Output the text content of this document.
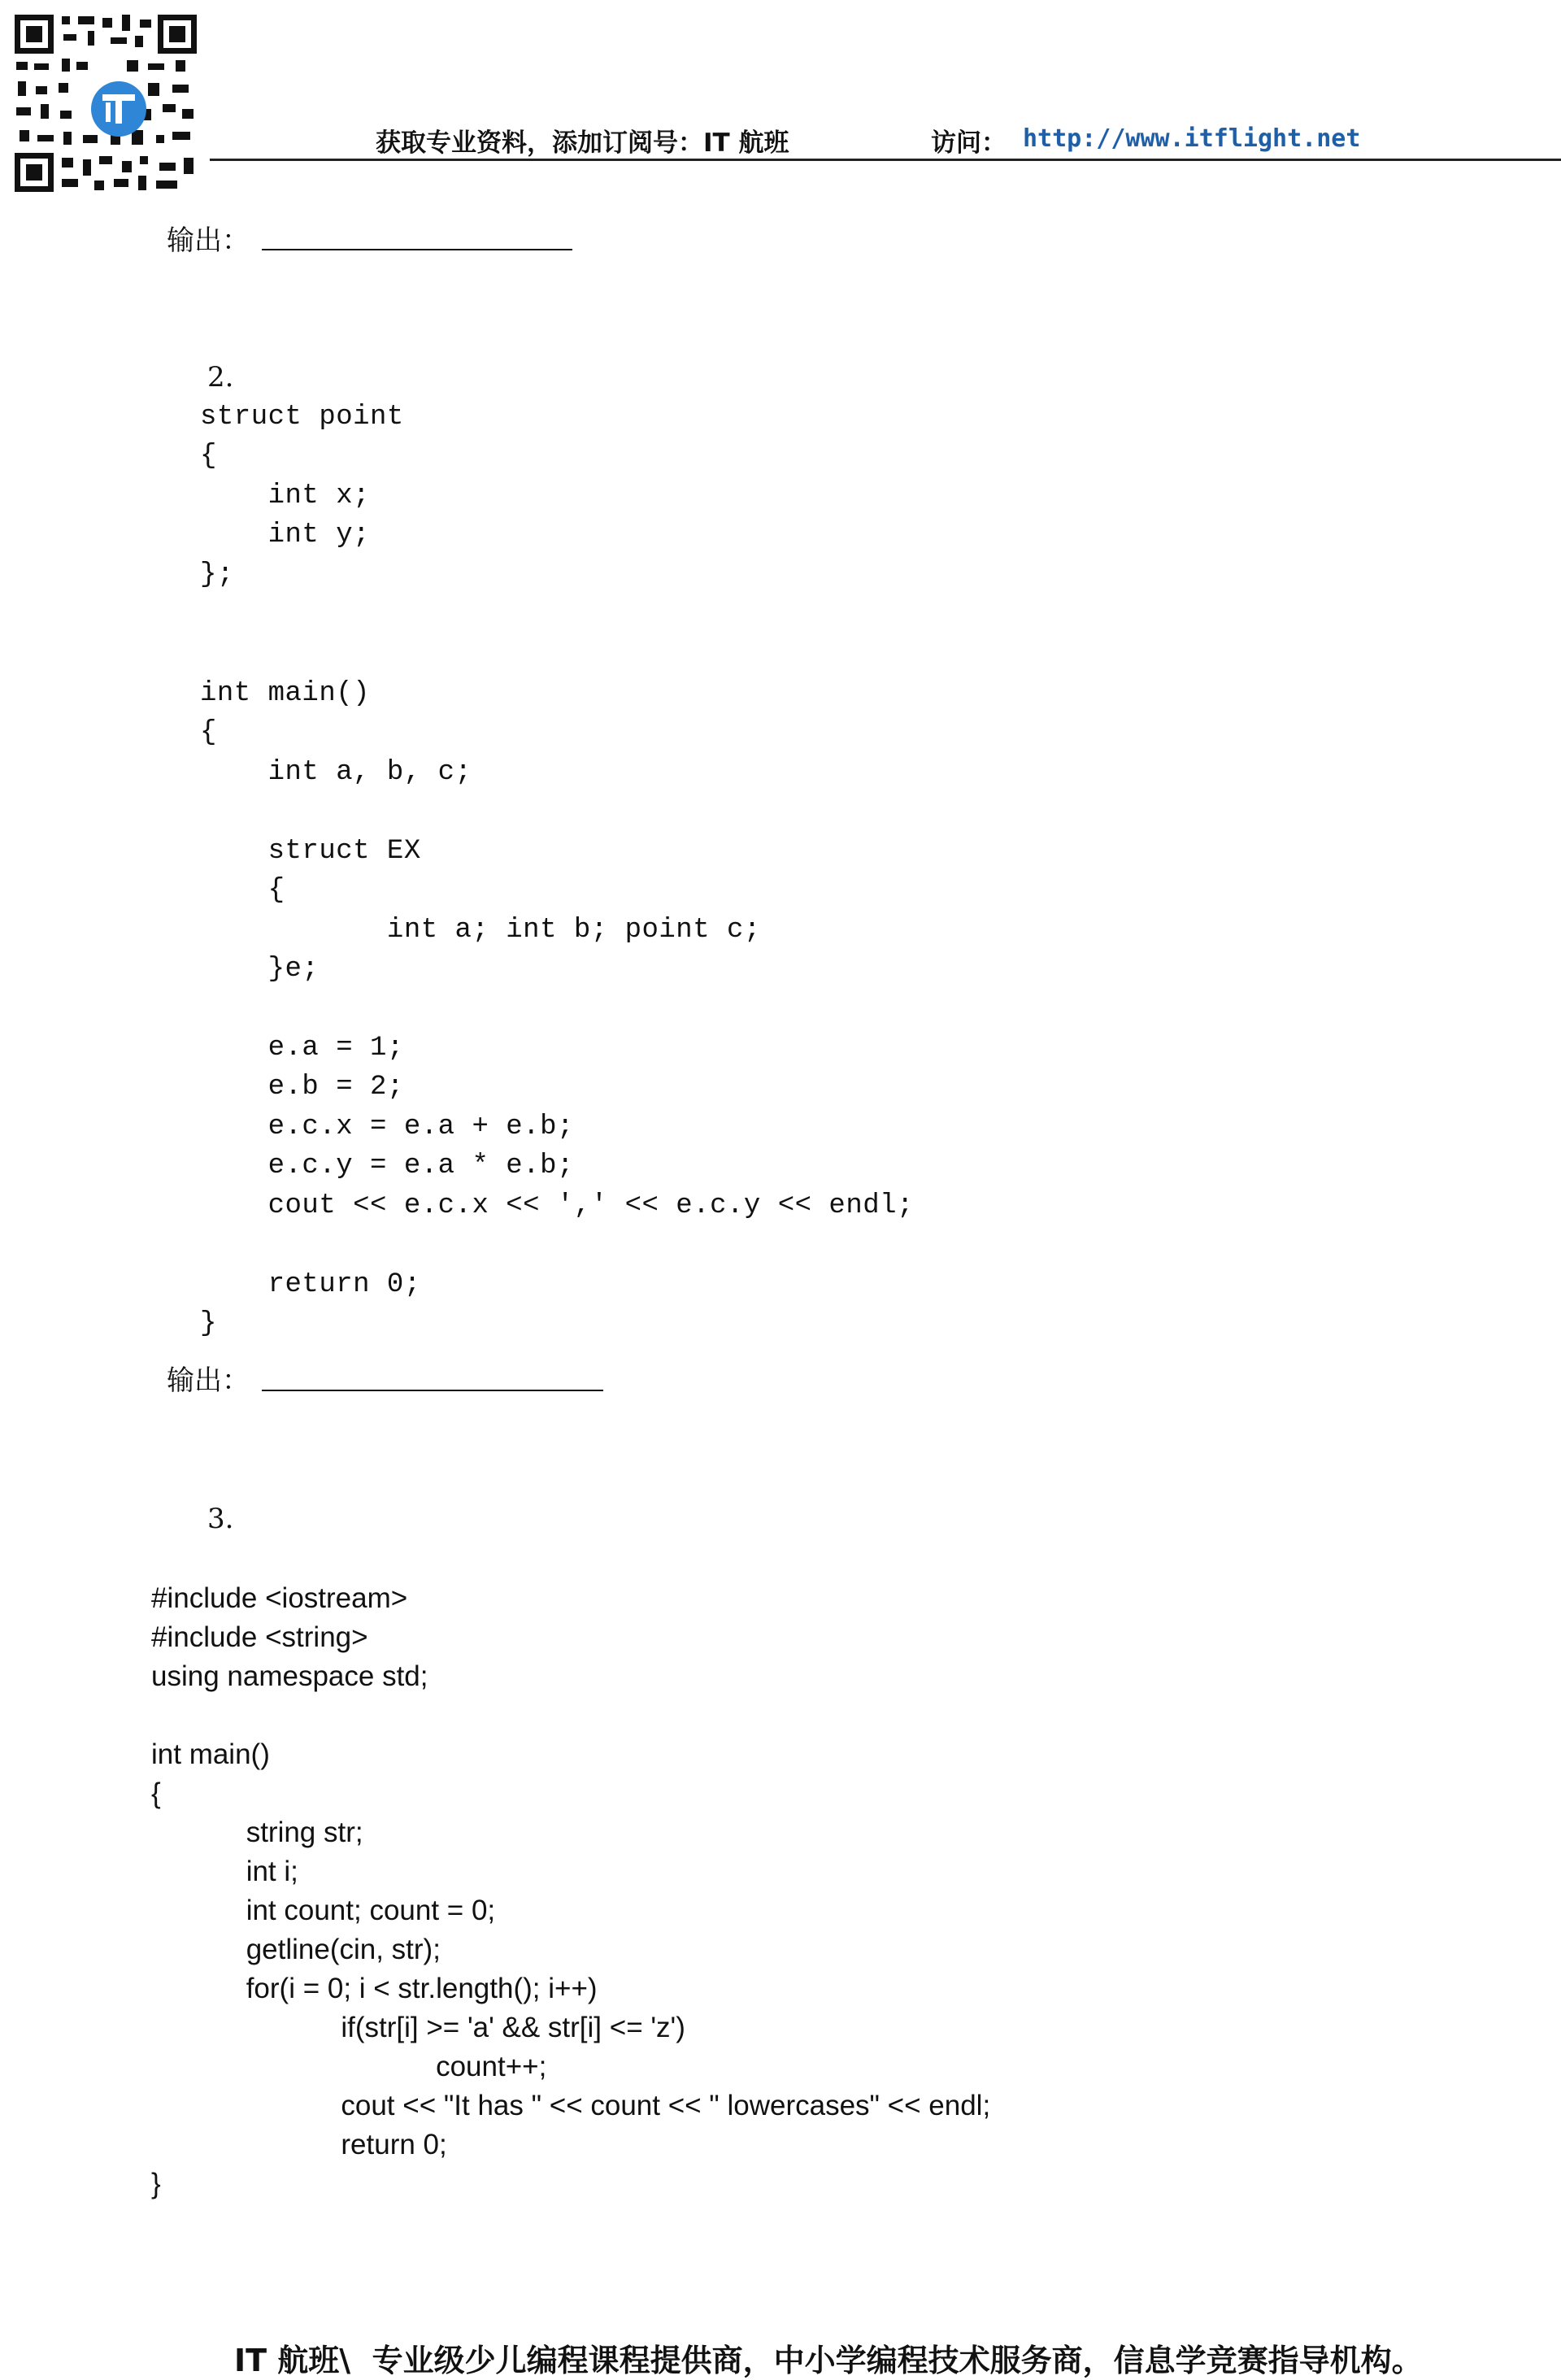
获取专业资料，添加订阅号：IT 航班	访问： http://www.itflight.net
输出：
2.
struct point
{
int x;
int y;
};
int main()
{
int a, b, c;
struct EX
{
int a; int b; point c;
}e;
e.a = 1;
e.b = 2;
e.c.x = e.a + e.b;
e.c.y = e.a * e.b;
cout << e.c.x << ',' << e.c.y << endl;
return 0;
}
输出：
3.
#include <iostream>
#include <string>
using namespace std;
int main()
{
string str;
int i;
int count; count = 0;
getline(cin, str);
for(i = 0; i < str.length(); i++)
if(str[i] >= 'a' && str[i] <= 'z')
count++;
cout << "It has " << count << " lowercases" << endl;
return 0;
}
IT 航班\  专业级少儿编程课程提供商，中小学编程技术服务商，信息学竞赛指导机构。
